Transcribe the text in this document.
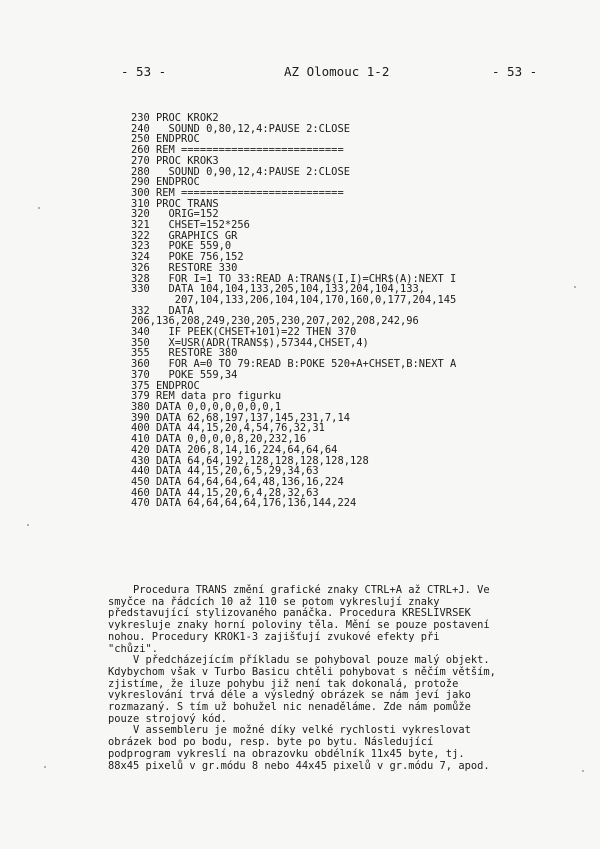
- 53 -	AZ Olomouc 1-2	- 53 -
230 PROC KROK2
240   SOUND 0,80,12,4:PAUSE 2:CLOSE
250 ENDPROC
260 REM ==========================
270 PROC KROK3
280   SOUND 0,90,12,4:PAUSE 2:CLOSE
290 ENDPROC
300 REM ==========================
310 PROC TRANS
320   ORIG=152
321   CHSET=152*256
322   GRAPHICS GR
323   POKE 559,0
324   POKE 756,152
326   RESTORE 330
328   FOR I=1 TO 33:READ A:TRAN$(I,I)=CHR$(A):NEXT I
330   DATA 104,104,133,205,104,133,204,104,133,
207,104,133,206,104,104,170,160,0,177,204,145
332   DATA
206,136,208,249,230,205,230,207,202,208,242,96
340   IF PEEK(CHSET+101)=22 THEN 370
350   X=USR(ADR(TRANS$),57344,CHSET,4)
355   RESTORE 380
360   FOR A=0 TO 79:READ B:POKE 520+A+CHSET,B:NEXT A
370   POKE 559,34
375 ENDPROC
379 REM data pro figurku
380 DATA 0,0,0,0,0,0,0,1
390 DATA 62,68,197,137,145,231,7,14
400 DATA 44,15,20,4,54,76,32,31
410 DATA 0,0,0,0,8,20,232,16
420 DATA 206,8,14,16,224,64,64,64
430 DATA 64,64,192,128,128,128,128,128
440 DATA 44,15,20,6,5,29,34,63
450 DATA 64,64,64,64,48,136,16,224
460 DATA 44,15,20,6,4,28,32,63
470 DATA 64,64,64,64,176,136,144,224
Procedura TRANS změní grafické znaky CTRL+A až CTRL+J. Ve
smyčce na řádcích 10 až 110 se potom vykreslují znaky
představující stylizovaného panáčka. Procedura KRESLIVRSEK
vykresluje znaky horní poloviny těla. Mění se pouze postavení
nohou. Procedury KROK1-3 zajišťují zvukové efekty při
"chůzi".
V předcházejícím příkladu se pohyboval pouze malý objekt.
Kdybychom však v Turbo Basicu chtěli pohybovat s něčím větším,
zjistíme, že iluze pohybu již není tak dokonalá, protože
vykreslování trvá déle a výsledný obrázek se nám jeví jako
rozmazaný. S tím už bohužel nic nenaděláme. Zde nám pomůže
pouze strojový kód.
V assembleru je možné díky velké rychlosti vykreslovat
obrázek bod po bodu, resp. byte po bytu. Následující
podprogram vykreslí na obrazovku obdélník 11x45 byte, tj.
88x45 pixelů v gr.módu 8 nebo 44x45 pixelů v gr.módu 7, apod.
